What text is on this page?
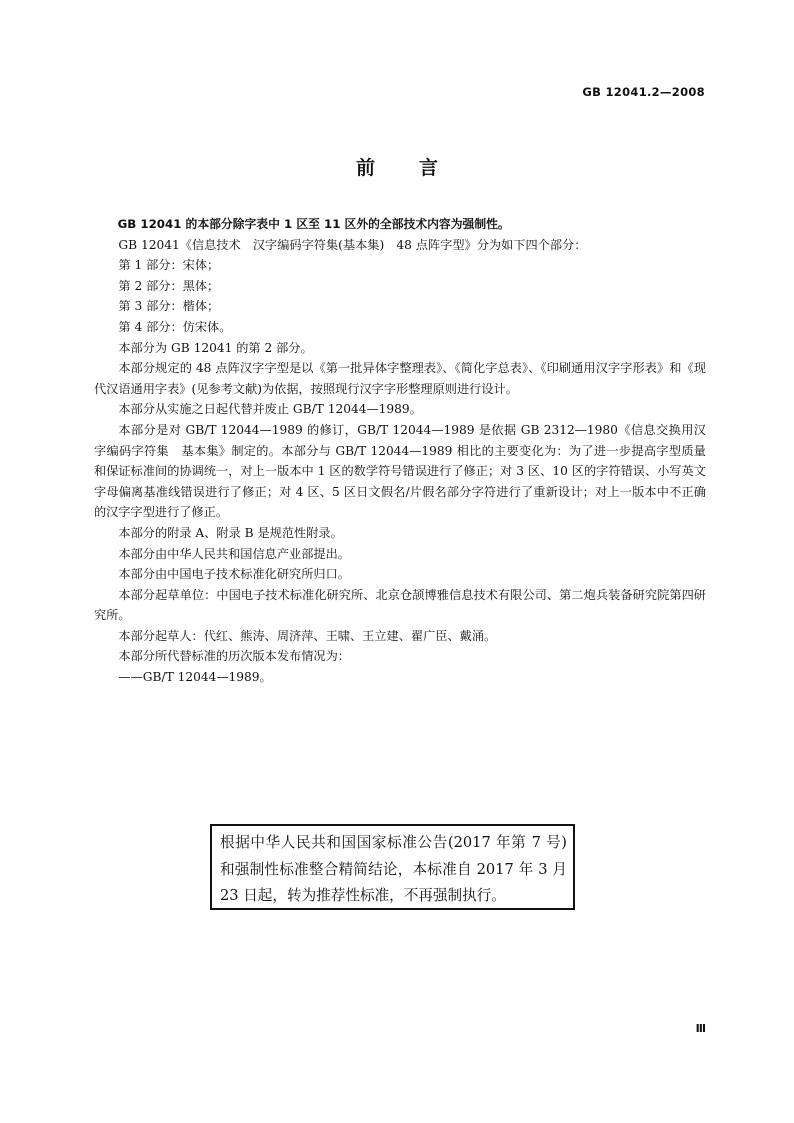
GB 12041.2—2008
前言

GB 12041 的本部分除字表中 1 区至 11 区外的全部技术内容为强制性。

GB 12041《信息技术　汉字编码字符集(基本集)　48 点阵字型》分为如下四个部分：

第 1 部分：宋体；

第 2 部分：黑体；

第 3 部分：楷体；

第 4 部分：仿宋体。

本部分为 GB 12041 的第 2 部分。

本部分规定的 48 点阵汉字字型是以《第一批异体字整理表》、《简化字总表》、《印刷通用汉字字形表》和《现代汉语通用字表》(见参考文献)为依据，按照现行汉字字形整理原则进行设计。

本部分从实施之日起代替并废止 GB/T 12044—1989。

本部分是对 GB/T 12044—1989 的修订，GB/T 12044—1989 是依据 GB 2312—1980《信息交换用汉字编码字符集　基本集》制定的。本部分与 GB/T 12044—1989 相比的主要变化为：为了进一步提高字型质量和保证标准间的协调统一，对上一版本中 1 区的数学符号错误进行了修正；对 3 区、10 区的字符错误、小写英文字母偏离基准线错误进行了修正；对 4 区、5 区日文假名/片假名部分字符进行了重新设计；对上一版本中不正确的汉字字型进行了修正。

本部分的附录 A、附录 B 是规范性附录。

本部分由中华人民共和国信息产业部提出。

本部分由中国电子技术标准化研究所归口。

本部分起草单位：中国电子技术标准化研究所、北京仓颉博雅信息技术有限公司、第二炮兵装备研究院第四研究所。

本部分起草人：代红、熊涛、周济萍、王啸、王立建、翟广臣、戴涌。

本部分所代替标准的历次版本发布情况为：

——GB/T 12044—1989。

根据中华人民共和国国家标准公告(2017 年第 7 号)和强制性标准整合精简结论，本标准自 2017 年 3 月 23 日起，转为推荐性标准，不再强制执行。
Ⅲ
